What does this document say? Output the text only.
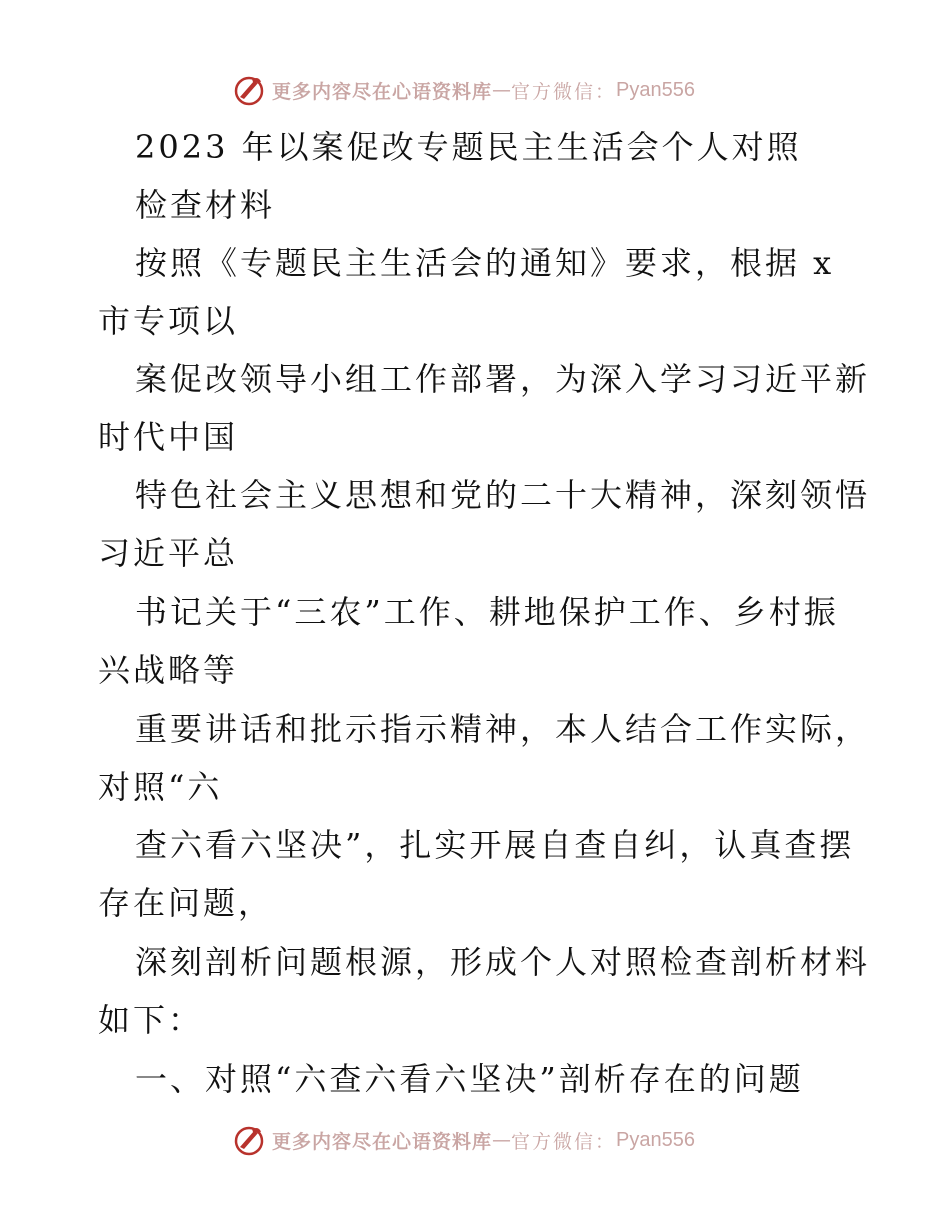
更多内容尽在心语资料库 — 官方微信： Pyan556
2023 年以案促改专题民主生活会个人对照
检查材料
按照《专题民主生活会的通知》要求，根据 x
市专项以
案促改领导小组工作部署，为深入学习习近平新
时代中国
特色社会主义思想和党的二十大精神，深刻领悟
习近平总
书记关于“三农”工作、耕地保护工作、乡村振
兴战略等
重要讲话和批示指示精神，本人结合工作实际，
对照“六
查六看六坚决”，扎实开展自查自纠，认真查摆
存在问题，
深刻剖析问题根源，形成个人对照检查剖析材料
如下：
一、对照“六查六看六坚决”剖析存在的问题
更多内容尽在心语资料库 — 官方微信： Pyan556
